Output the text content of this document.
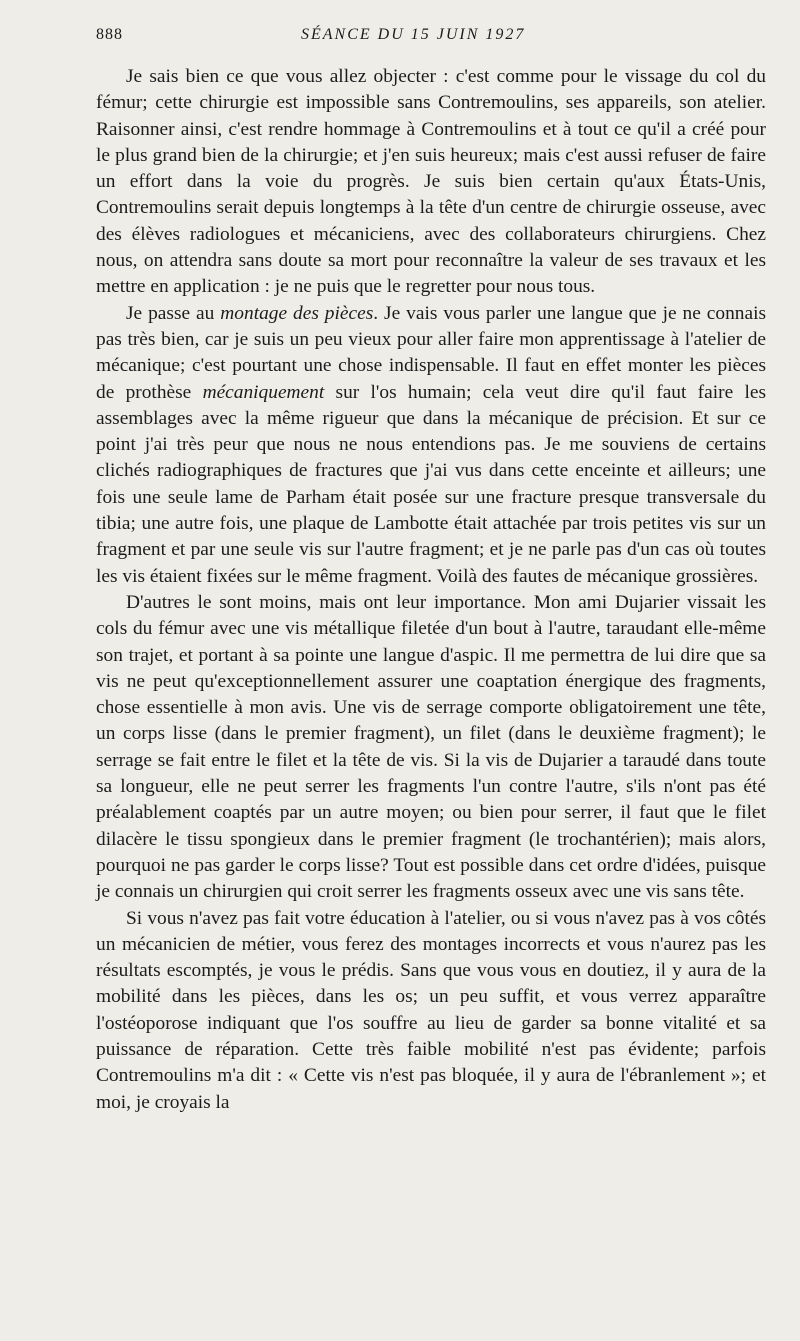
888	SÉANCE DU 15 JUIN 1927

Je sais bien ce que vous allez objecter : c'est comme pour le vissage du col du fémur; cette chirurgie est impossible sans Contremoulins, ses appareils, son atelier. Raisonner ainsi, c'est rendre hommage à Contremoulins et à tout ce qu'il a créé pour le plus grand bien de la chirurgie; et j'en suis heureux; mais c'est aussi refuser de faire un effort dans la voie du progrès. Je suis bien certain qu'aux États-Unis, Contremoulins serait depuis longtemps à la tête d'un centre de chirurgie osseuse, avec des élèves radiologues et mécaniciens, avec des collaborateurs chirurgiens. Chez nous, on attendra sans doute sa mort pour reconnaître la valeur de ses travaux et les mettre en application : je ne puis que le regretter pour nous tous.

Je passe au montage des pièces. Je vais vous parler une langue que je ne connais pas très bien, car je suis un peu vieux pour aller faire mon apprentissage à l'atelier de mécanique; c'est pourtant une chose indispensable. Il faut en effet monter les pièces de prothèse mécaniquement sur l'os humain; cela veut dire qu'il faut faire les assemblages avec la même rigueur que dans la mécanique de précision. Et sur ce point j'ai très peur que nous ne nous entendions pas. Je me souviens de certains clichés radiographiques de fractures que j'ai vus dans cette enceinte et ailleurs; une fois une seule lame de Parham était posée sur une fracture presque transversale du tibia; une autre fois, une plaque de Lambotte était attachée par trois petites vis sur un fragment et par une seule vis sur l'autre fragment; et je ne parle pas d'un cas où toutes les vis étaient fixées sur le même fragment. Voilà des fautes de mécanique grossières.

D'autres le sont moins, mais ont leur importance. Mon ami Dujarier vissait les cols du fémur avec une vis métallique filetée d'un bout à l'autre, taraudant elle-même son trajet, et portant à sa pointe une langue d'aspic. Il me permettra de lui dire que sa vis ne peut qu'exceptionnellement assurer une coaptation énergique des fragments, chose essentielle à mon avis. Une vis de serrage comporte obligatoirement une tête, un corps lisse (dans le premier fragment), un filet (dans le deuxième fragment); le serrage se fait entre le filet et la tête de vis. Si la vis de Dujarier a taraudé dans toute sa longueur, elle ne peut serrer les fragments l'un contre l'autre, s'ils n'ont pas été préalablement coaptés par un autre moyen; ou bien pour serrer, il faut que le filet dilacère le tissu spongieux dans le premier fragment (le trochantérien); mais alors, pourquoi ne pas garder le corps lisse? Tout est possible dans cet ordre d'idées, puisque je connais un chirurgien qui croit serrer les fragments osseux avec une vis sans tête.

Si vous n'avez pas fait votre éducation à l'atelier, ou si vous n'avez pas à vos côtés un mécanicien de métier, vous ferez des montages incorrects et vous n'aurez pas les résultats escomptés, je vous le prédis. Sans que vous vous en doutiez, il y aura de la mobilité dans les pièces, dans les os; un peu suffit, et vous verrez apparaître l'ostéoporose indiquant que l'os souffre au lieu de garder sa bonne vitalité et sa puissance de réparation. Cette très faible mobilité n'est pas évidente; parfois Contremoulins m'a dit : « Cette vis n'est pas bloquée, il y aura de l'ébranlement »; et moi, je croyais la
